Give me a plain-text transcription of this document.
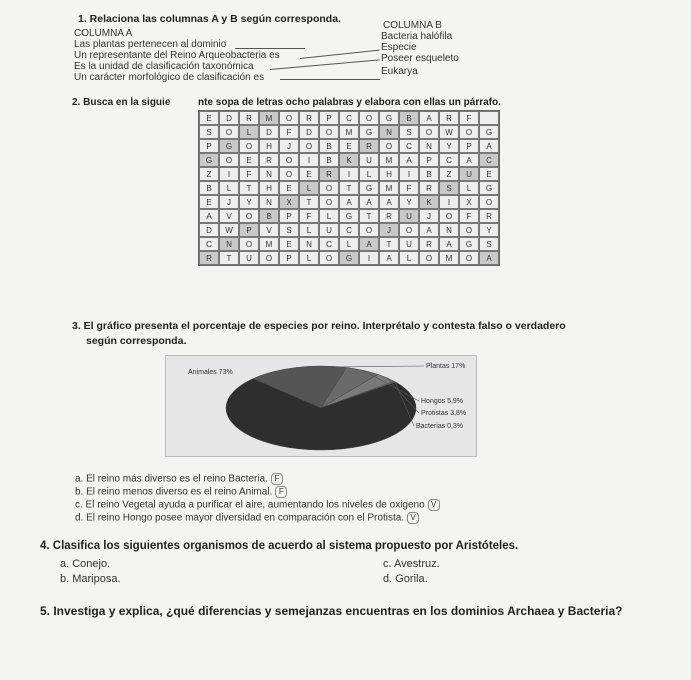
1. Relaciona las columnas A y B según corresponda.
COLUMNA A
COLUMNA B
Las plantas pertenecen al dominio
Un representante del Reino Arqueobacteria es
Es la unidad de clasificación taxonómica
Un carácter morfológico de clasificación es
Bacteria halófila
Especie
Poseer esqueleto
Eukarya
2. Busca en la siguie	nte sopa de letras ocho palabras y elabora con ellas un párrafo.
E	D	R	M	O	R	P	C	O	G	B	A	R	F
S	O	L	D	F	D	O	M	G	N	S	O	W	O	G
P	G	O	H	J	O	B	E	R	O	C	N	Y	P	A
G	O	E	R	O	I	B	K	U	M	A	P	C	A	C
Z	I	F	N	O	E	R	I	L	H	I	B	Z	U	E
B	L	T	H	E	L	O	T	G	M	F	R	S	L	G
E	J	Y	N	X	T	O	A	A	A	Y	K	I	X	O
A	V	O	B	P	F	L	G	T	R	U	J	O	F	R
D	W	P	V	S	L	U	C	O	J	O	A	N	O	Y
C	N	O	M	E	N	C	L	A	T	U	R	A	G	S
R	T	U	O	P	L	O	G	I	A	L	O	M	O	A
3. El gráfico presenta el porcentaje de especies por reino. Interprétalo y contesta falso o verdadero
según corresponda.
Animales 73%
Plantas 17%
Hongos 5,9%
Protistas 3,8%
Bacterias 0,3%
a. El reino más diverso es el reino Bacteria. F
b. El reino menos diverso es el reino Animal. F
c. El reino Vegetal ayuda a purificar el aire, aumentando los niveles de oxigeno V
d. El reino Hongo posee mayor diversidad en comparación con el Protista. V
4. Clasifica los siguientes organismos de acuerdo al sistema propuesto por Aristóteles.
a. Conejo.
b. Mariposa.
c. Avestruz.
d. Gorila.
5. Investiga y explica, ¿qué diferencias y semejanzas encuentras en los dominios Archaea y Bacteria?
